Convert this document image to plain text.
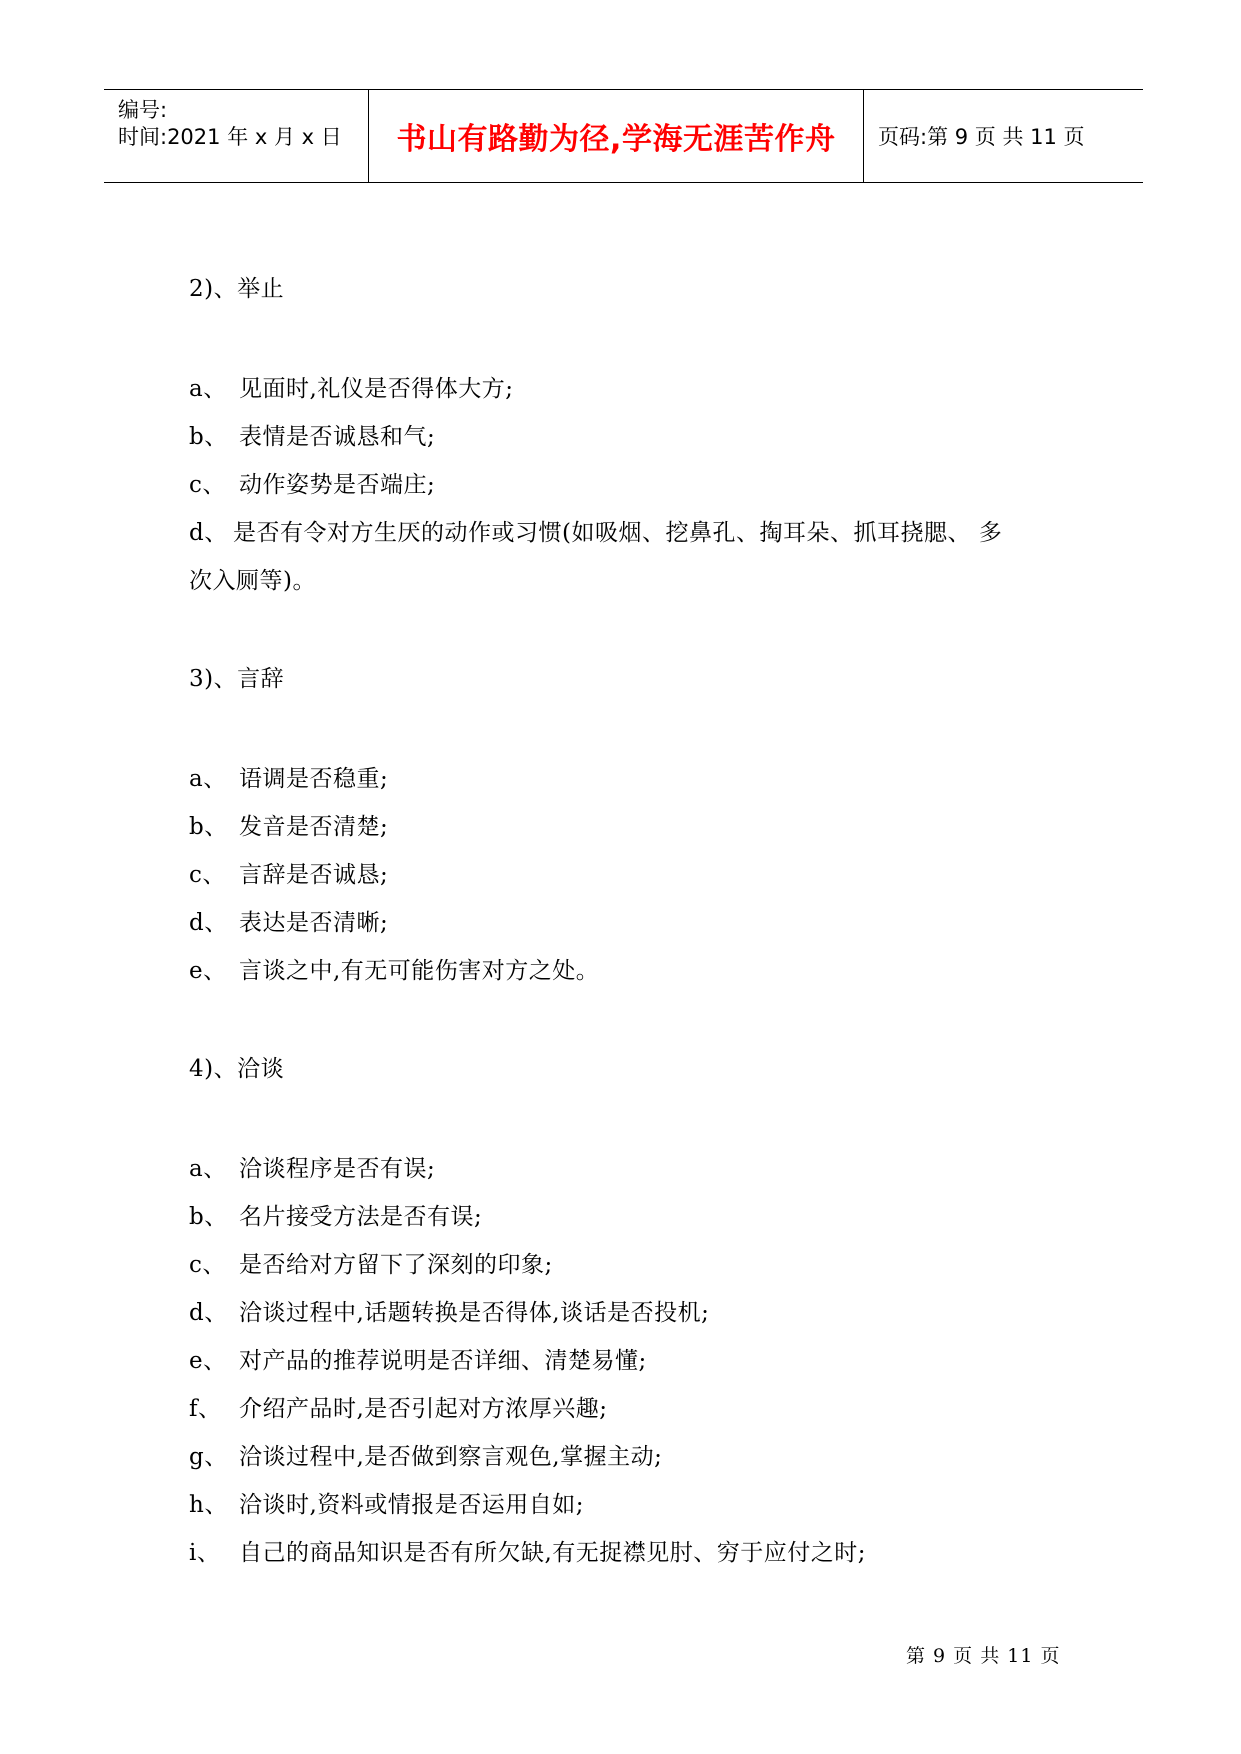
编号:
时间:2021 年 x 月 x 日 书山有路勤为径,学海无涯苦作舟 页码:第 9 页 共 11 页
2)、举止
a、 见面时,礼仪是否得体大方;
b、 表情是否诚恳和气;
c、 动作姿势是否端庄;
d、 是否有令对方生厌的动作或习惯(如吸烟、挖鼻孔、掏耳朵、抓耳挠腮、 多
次入厕等)。
3)、言辞
a、 语调是否稳重;
b、 发音是否清楚;
c、 言辞是否诚恳;
d、 表达是否清晰;
e、 言谈之中,有无可能伤害对方之处。
4)、洽谈
a、 洽谈程序是否有误;
b、 名片接受方法是否有误;
c、 是否给对方留下了深刻的印象;
d、 洽谈过程中,话题转换是否得体,谈话是否投机;
e、 对产品的推荐说明是否详细、清楚易懂;
f、 介绍产品时,是否引起对方浓厚兴趣;
g、 洽谈过程中,是否做到察言观色,掌握主动;
h、 洽谈时,资料或情报是否运用自如;
i、 自己的商品知识是否有所欠缺,有无捉襟见肘、穷于应付之时;
第 9 页 共 11 页
